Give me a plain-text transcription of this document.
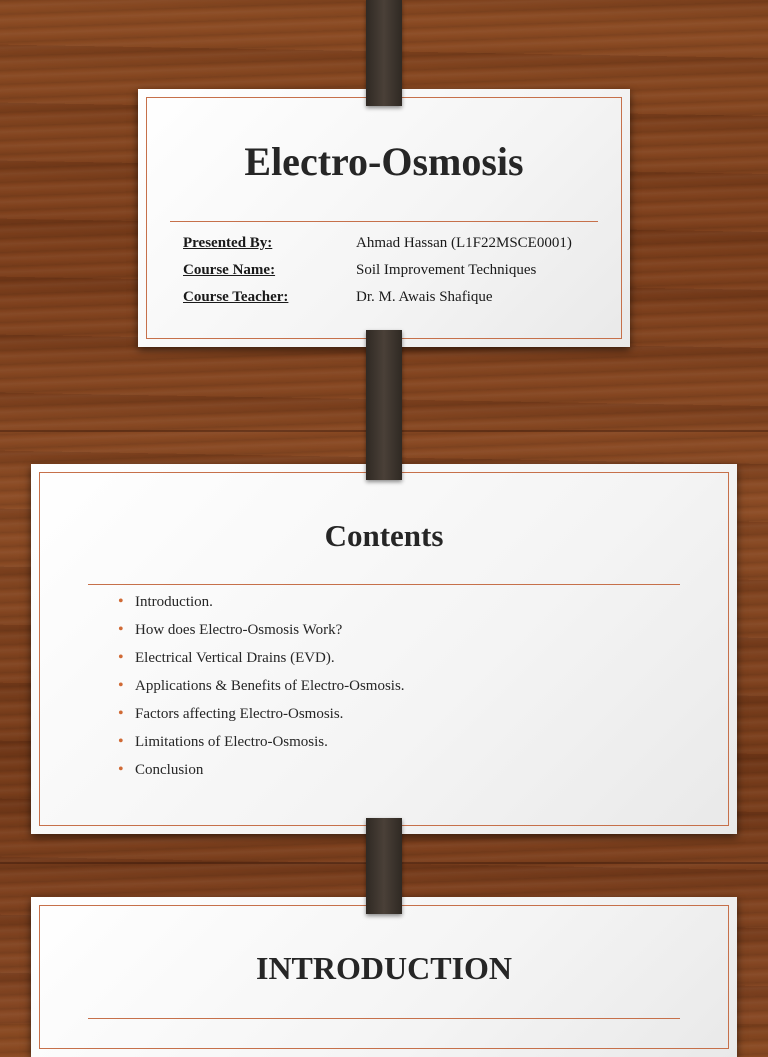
Electro-Osmosis
Presented By:	Ahmad Hassan (L1F22MSCE0001)
Course Name:	Soil Improvement Techniques
Course Teacher:	Dr. M. Awais Shafique
Contents
• Introduction.
• How does Electro-Osmosis Work?
• Electrical Vertical Drains (EVD).
• Applications & Benefits of Electro-Osmosis.
• Factors affecting Electro-Osmosis.
• Limitations of Electro-Osmosis.
• Conclusion
INTRODUCTION
